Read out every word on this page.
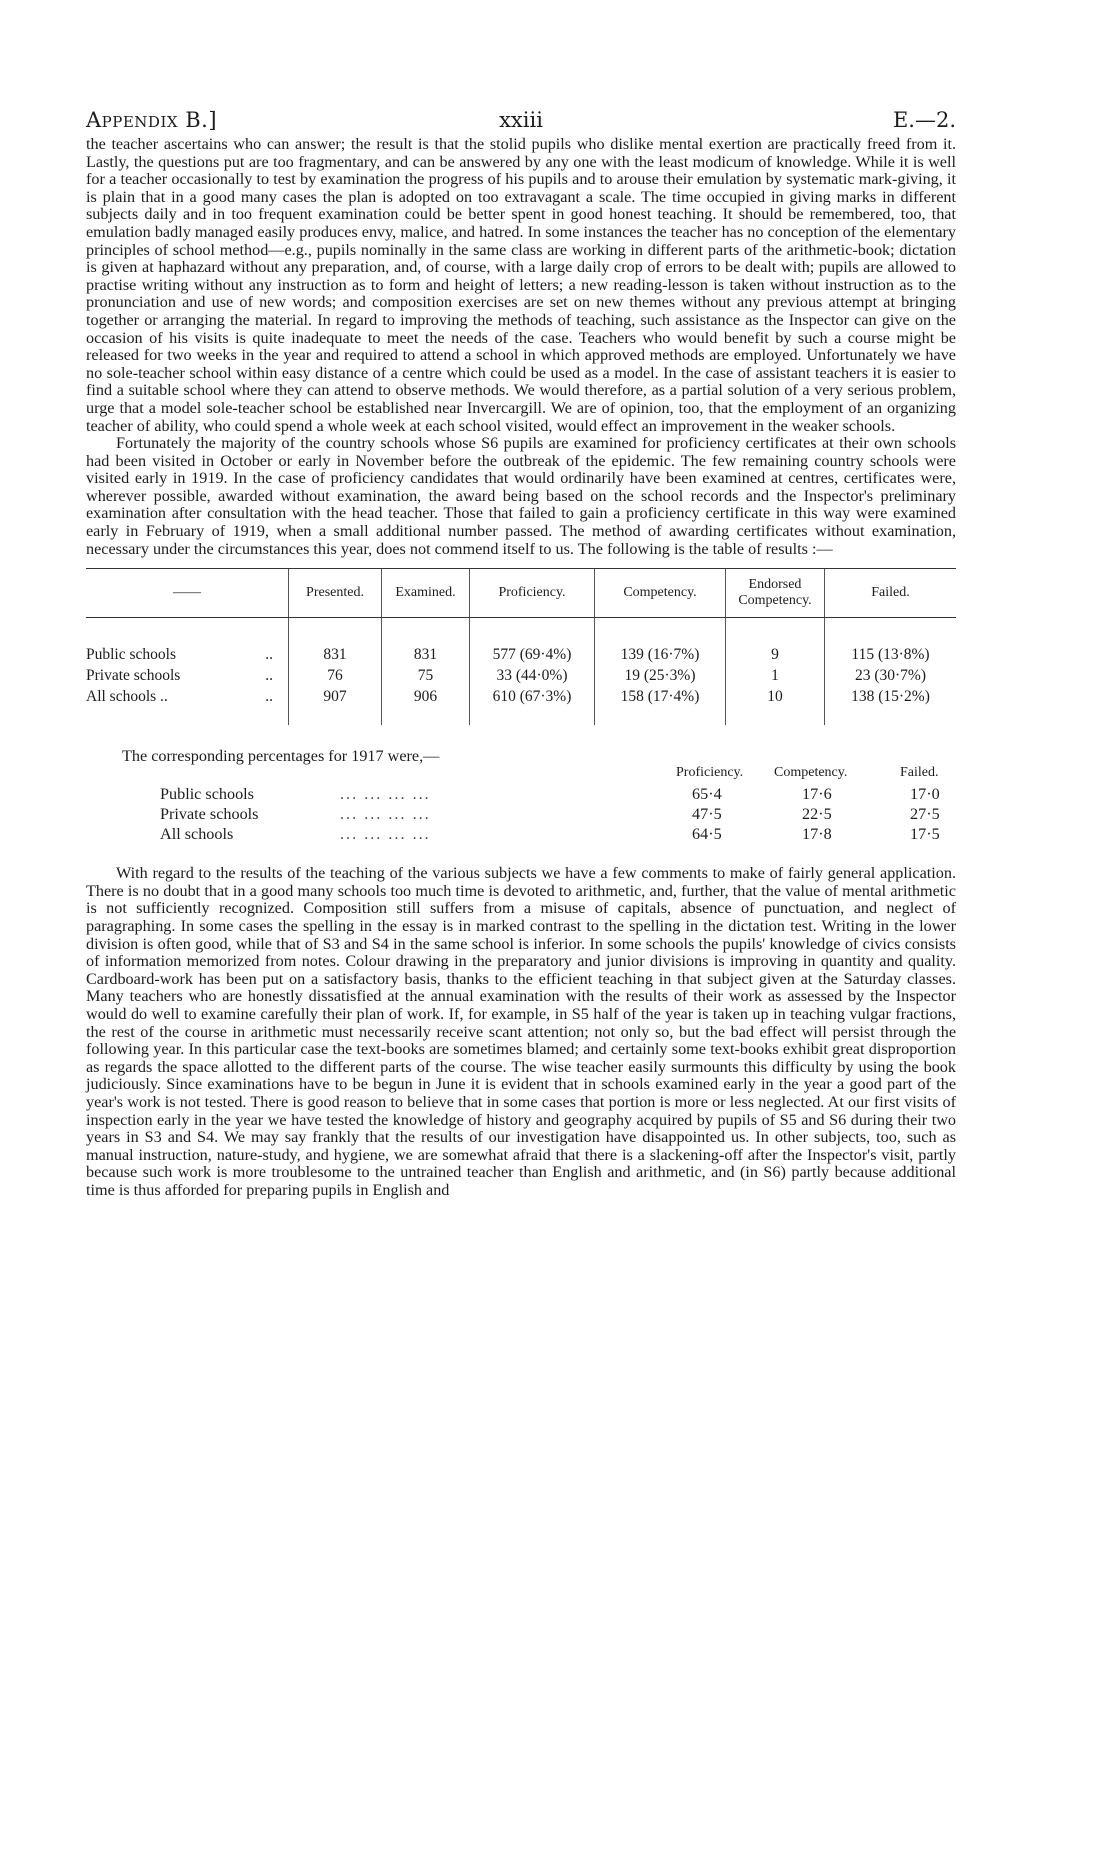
Appendix B.]	xxiii	E.—2.

the teacher ascertains who can answer; the result is that the stolid pupils who dislike mental exertion are practically freed from it. Lastly, the questions put are too fragmentary, and can be answered by any one with the least modicum of knowledge. While it is well for a teacher occasionally to test by examination the progress of his pupils and to arouse their emulation by systematic mark-giving, it is plain that in a good many cases the plan is adopted on too extravagant a scale. The time occupied in giving marks in different subjects daily and in too frequent examination could be better spent in good honest teaching. It should be remembered, too, that emulation badly managed easily produces envy, malice, and hatred. In some instances the teacher has no conception of the elementary principles of school method—e.g., pupils nominally in the same class are working in different parts of the arithmetic-book; dictation is given at haphazard without any preparation, and, of course, with a large daily crop of errors to be dealt with; pupils are allowed to practise writing without any instruction as to form and height of letters; a new reading-lesson is taken without instruction as to the pronunciation and use of new words; and composition exercises are set on new themes without any previous attempt at bringing together or arranging the material. In regard to improving the methods of teaching, such assistance as the Inspector can give on the occasion of his visits is quite inadequate to meet the needs of the case. Teachers who would benefit by such a course might be released for two weeks in the year and required to attend a school in which approved methods are employed. Unfortunately we have no sole-teacher school within easy distance of a centre which could be used as a model. In the case of assistant teachers it is easier to find a suitable school where they can attend to observe methods. We would therefore, as a partial solution of a very serious problem, urge that a model sole-teacher school be established near Invercargill. We are of opinion, too, that the employment of an organizing teacher of ability, who could spend a whole week at each school visited, would effect an improvement in the weaker schools.

Fortunately the majority of the country schools whose S6 pupils are examined for proficiency certificates at their own schools had been visited in October or early in November before the outbreak of the epidemic. The few remaining country schools were visited early in 1919. In the case of proficiency candidates that would ordinarily have been examined at centres, certificates were, wherever possible, awarded without examination, the award being based on the school records and the Inspector's preliminary examination after consultation with the head teacher. Those that failed to gain a proficiency certificate in this way were examined early in February of 1919, when a small additional number passed. The method of awarding certificates without examination, necessary under the circumstances this year, does not commend itself to us. The following is the table of results :—

——	Presented.	Examined.	Proficiency.	Competency.	Endorsed Competency.	Failed.

Public schools ..	831	831	577 (69·4%)	139 (16·7%)	9	115 (13·8%)
Private schools ..	76	75	33 (44·0%)	19 (25·3%)	1	23 (30·7%)
All schools .. ..	907	906	610 (67·3%)	158 (17·4%)	10	138 (15·2%)

The corresponding percentages for 1917 were,—
Proficiency. Competency.	Failed.
Public schools	... ... ... ...	65·4	17·6	17·0
Private schools	... ... ... ...	47·5	22·5	27·5
All schools	... ... ... ...	64·5	17·8	17·5

With regard to the results of the teaching of the various subjects we have a few comments to make of fairly general application. There is no doubt that in a good many schools too much time is devoted to arithmetic, and, further, that the value of mental arithmetic is not sufficiently recognized. Composition still suffers from a misuse of capitals, absence of punctuation, and neglect of paragraphing. In some cases the spelling in the essay is in marked contrast to the spelling in the dictation test. Writing in the lower division is often good, while that of S3 and S4 in the same school is inferior. In some schools the pupils' knowledge of civics consists of information memorized from notes. Colour drawing in the preparatory and junior divisions is improving in quantity and quality. Cardboard-work has been put on a satisfactory basis, thanks to the efficient teaching in that subject given at the Saturday classes. Many teachers who are honestly dissatisfied at the annual examination with the results of their work as assessed by the Inspector would do well to examine carefully their plan of work. If, for example, in S5 half of the year is taken up in teaching vulgar fractions, the rest of the course in arithmetic must necessarily receive scant attention; not only so, but the bad effect will persist through the following year. In this particular case the text-books are sometimes blamed; and certainly some text-books exhibit great disproportion as regards the space allotted to the different parts of the course. The wise teacher easily surmounts this difficulty by using the book judiciously. Since examinations have to be begun in June it is evident that in schools examined early in the year a good part of the year's work is not tested. There is good reason to believe that in some cases that portion is more or less neglected. At our first visits of inspection early in the year we have tested the knowledge of history and geography acquired by pupils of S5 and S6 during their two years in S3 and S4. We may say frankly that the results of our investigation have disappointed us. In other subjects, too, such as manual instruction, nature-study, and hygiene, we are somewhat afraid that there is a slackening-off after the Inspector's visit, partly because such work is more troublesome to the untrained teacher than English and arithmetic, and (in S6) partly because additional time is thus afforded for preparing pupils in English and
